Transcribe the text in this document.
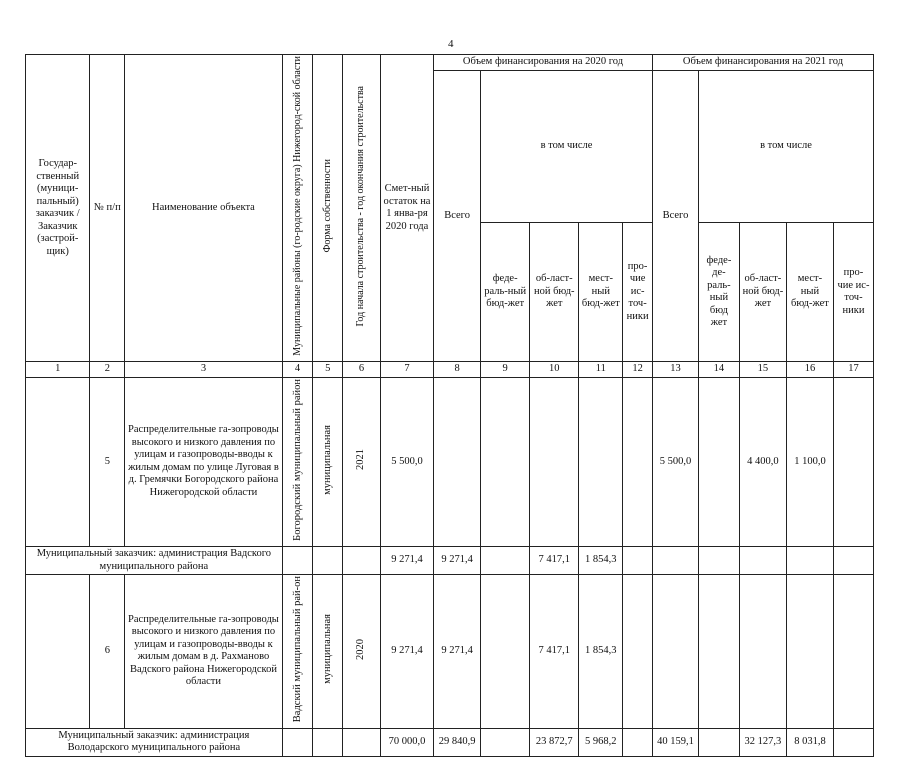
4
Государ-ственный (муници-пальный) заказчик / Заказчик (застрой-щик)	№ п/п	Наименование объекта	Муниципальные районы (го-родские округа) Нижегород-ской области	Форма собственности	Год начала строительства - год окончания строительства	Смет-ный остаток на 1 янва-ря 2020 года	Объем финансирования на 2020 год					Объем финансирования на 2021 год				
							Всего	в том числе				Всего	в том числе			
								феде-раль-ный бюд-жет	об-ласт-ной бюд-жет	мест-ный бюд-жет	про-чие ис-точ-ники		феде-де-раль-ный бюд жет	об-ласт-ной бюд-жет	мест-ный бюд-жет	про-чие ис-точ-ники
1	2	3	4	5	6	7	8	9	10	11	12	13	14	15	16	17
	5	Распределительные га-зопроводы высокого и низкого давления по улицам и газопроводы-вводы к жилым домам по улице Луговая в д. Гремячки Богородского района Нижегородской области	Богородский муниципальный район	муниципальная	2021	5 500,0						5 500,0		4 400,0	1 100,0	
Муниципальный заказчик: администрация Вадского муниципального района						9 271,4	9 271,4		7 417,1	1 854,3						
	6	Распределительные га-зопроводы высокого и низкого давления по улицам и газопроводы-вводы к жилым домам в д. Рахманово Вадского района Нижегородской области	Вадский муниципальный рай-он	муниципальная	2020	9 271,4	9 271,4		7 417,1	1 854,3						
Муниципальный заказчик: администрация Володарского муниципального района						70 000,0	29 840,9		23 872,7	5 968,2		40 159,1		32 127,3	8 031,8	
